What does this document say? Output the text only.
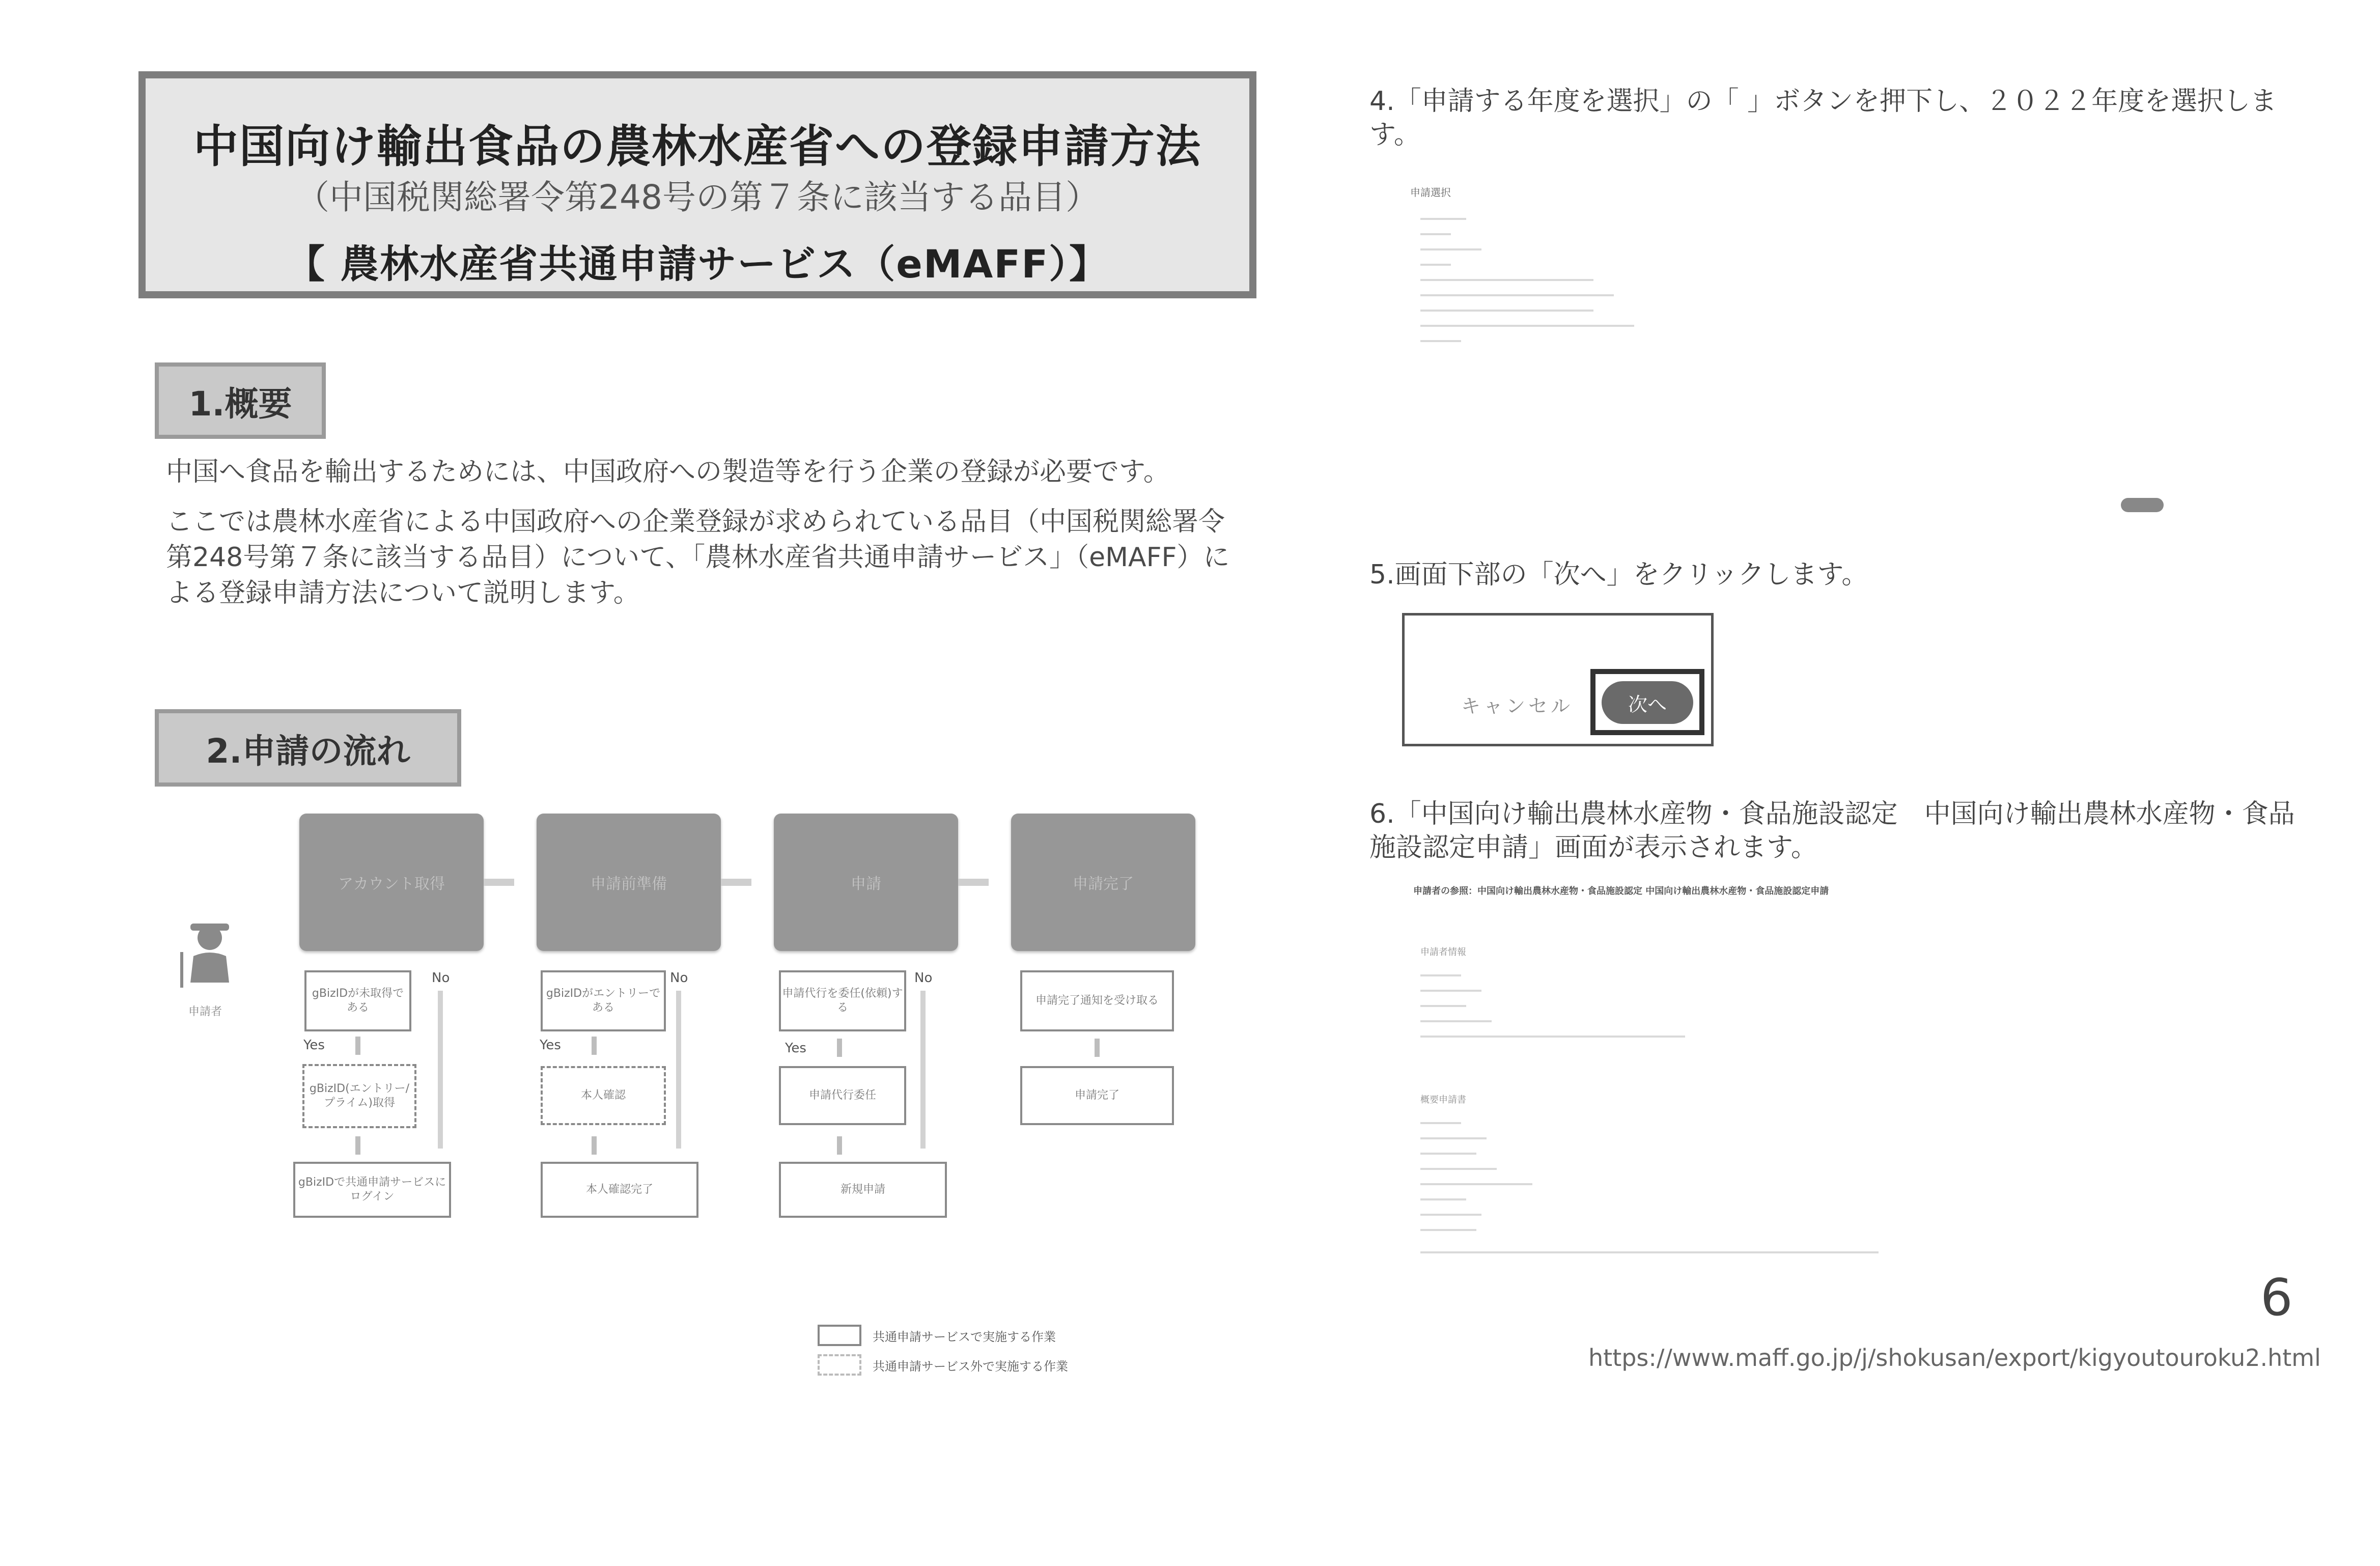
中国向け輸出食品の農林水産省への登録申請方法
（中国税関総署令第248号の第７条に該当する品目）
【 農林水産省共通申請サービス（eMAFF）】
1.概要
中国へ食品を輸出するためには、中国政府への製造等を行う企業の登録が必要です。
ここでは農林水産省による中国政府への企業登録が求められている品目（中国税関総署令第248号第７条に該当する品目）について、「農林水産省共通申請サービス」（eMAFF）による登録申請方法について説明します。
2.申請の流れ
申請者
アカウント取得	申請前準備	申請	申請完了
gBizIDが未取得である
No
Yes
gBizID(エントリー/プライム)取得
gBizIDで共通申請サービスにログイン
gBizIDがエントリーである
No
Yes
本人確認
本人確認完了
申請代行を委任(依頼)する
No
Yes
申請代行委任
新規申請
申請完了通知を受け取る
申請完了
共通申請サービスで実施する作業
共通申請サービス外で実施する作業
4.「申請する年度を選択」の「 」ボタンを押下し、２０２２年度を選択します。
申請選択
5.画面下部の「次へ」をクリックします。
キャンセル	次へ
6.「中国向け輸出農林水産物・食品施設認定　中国向け輸出農林水産物・食品施設認定申請」画面が表示されます。
申請者の参照：中国向け輸出農林水産物・食品施設認定 中国向け輸出農林水産物・食品施設認定申請
申請者情報
概要申請書
6
https://www.maff.go.jp/j/shokusan/export/kigyoutouroku2.html
